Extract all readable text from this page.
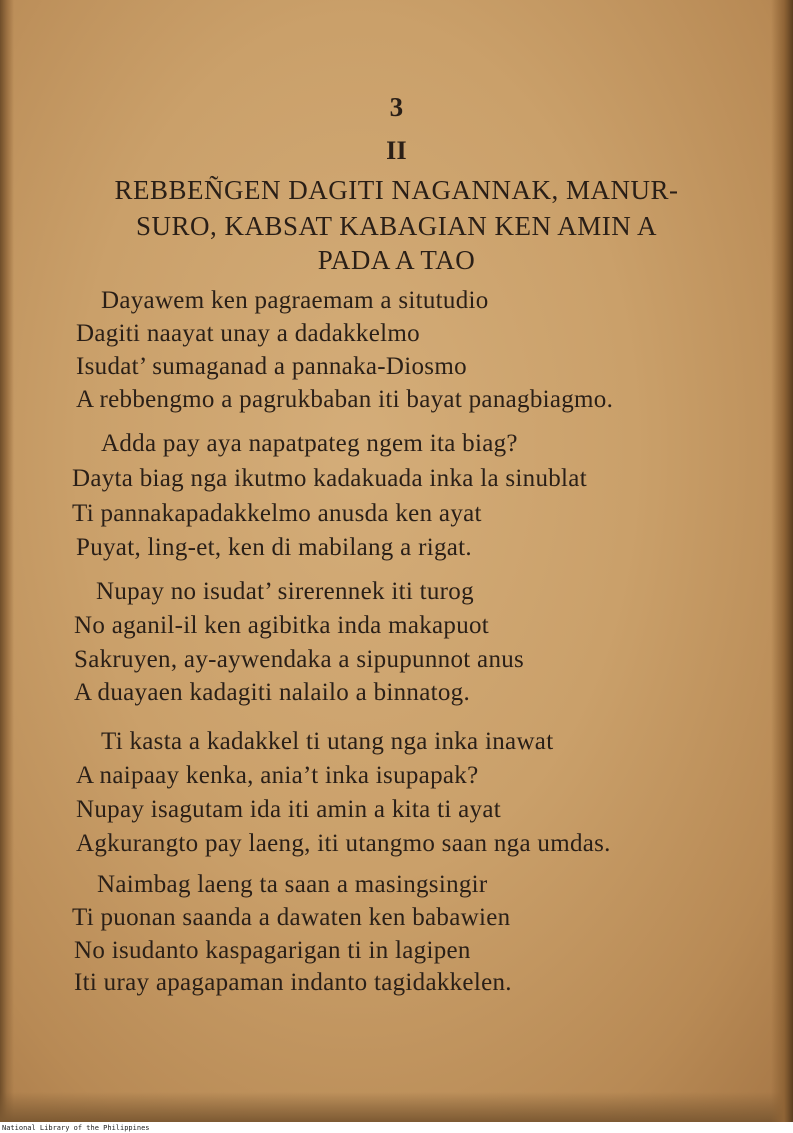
3
II
REBBEÑGEN DAGITI NAGANNAK, MANUR-
SURO, KABSAT KABAGIAN KEN AMIN A
PADA A TAO
Dayawem ken pagraemam a situtudio
Dagiti naayat unay a dadakkelmo
Isudat’ sumaganad a pannaka-Diosmo
A rebbengmo a pagrukbaban iti bayat panagbiagmo.
Adda pay aya napatpateg ngem ita biag?
Dayta biag nga ikutmo kadakuada inka la sinublat
Ti pannakapadakkelmo anusda ken ayat
Puyat, ling-et, ken di mabilang a rigat.
Nupay no isudat’ sirerennek iti turog
No aganil-il ken agibitka inda makapuot
Sakruyen, ay-aywendaka a sipupunnot anus
A duayaen kadagiti nalailo a binnatog.
Ti kasta a kadakkel ti utang nga inka inawat
A naipaay kenka, ania’t inka isupapak?
Nupay isagutam ida iti amin a kita ti ayat
Agkurangto pay laeng, iti utangmo saan nga umdas.
Naimbag laeng ta saan a masingsingir
Ti puonan saanda a dawaten ken babawien
No isudanto kaspagarigan ti in lagipen
Iti uray apagapaman indanto tagidakkelen.
National Library of the Philippines
